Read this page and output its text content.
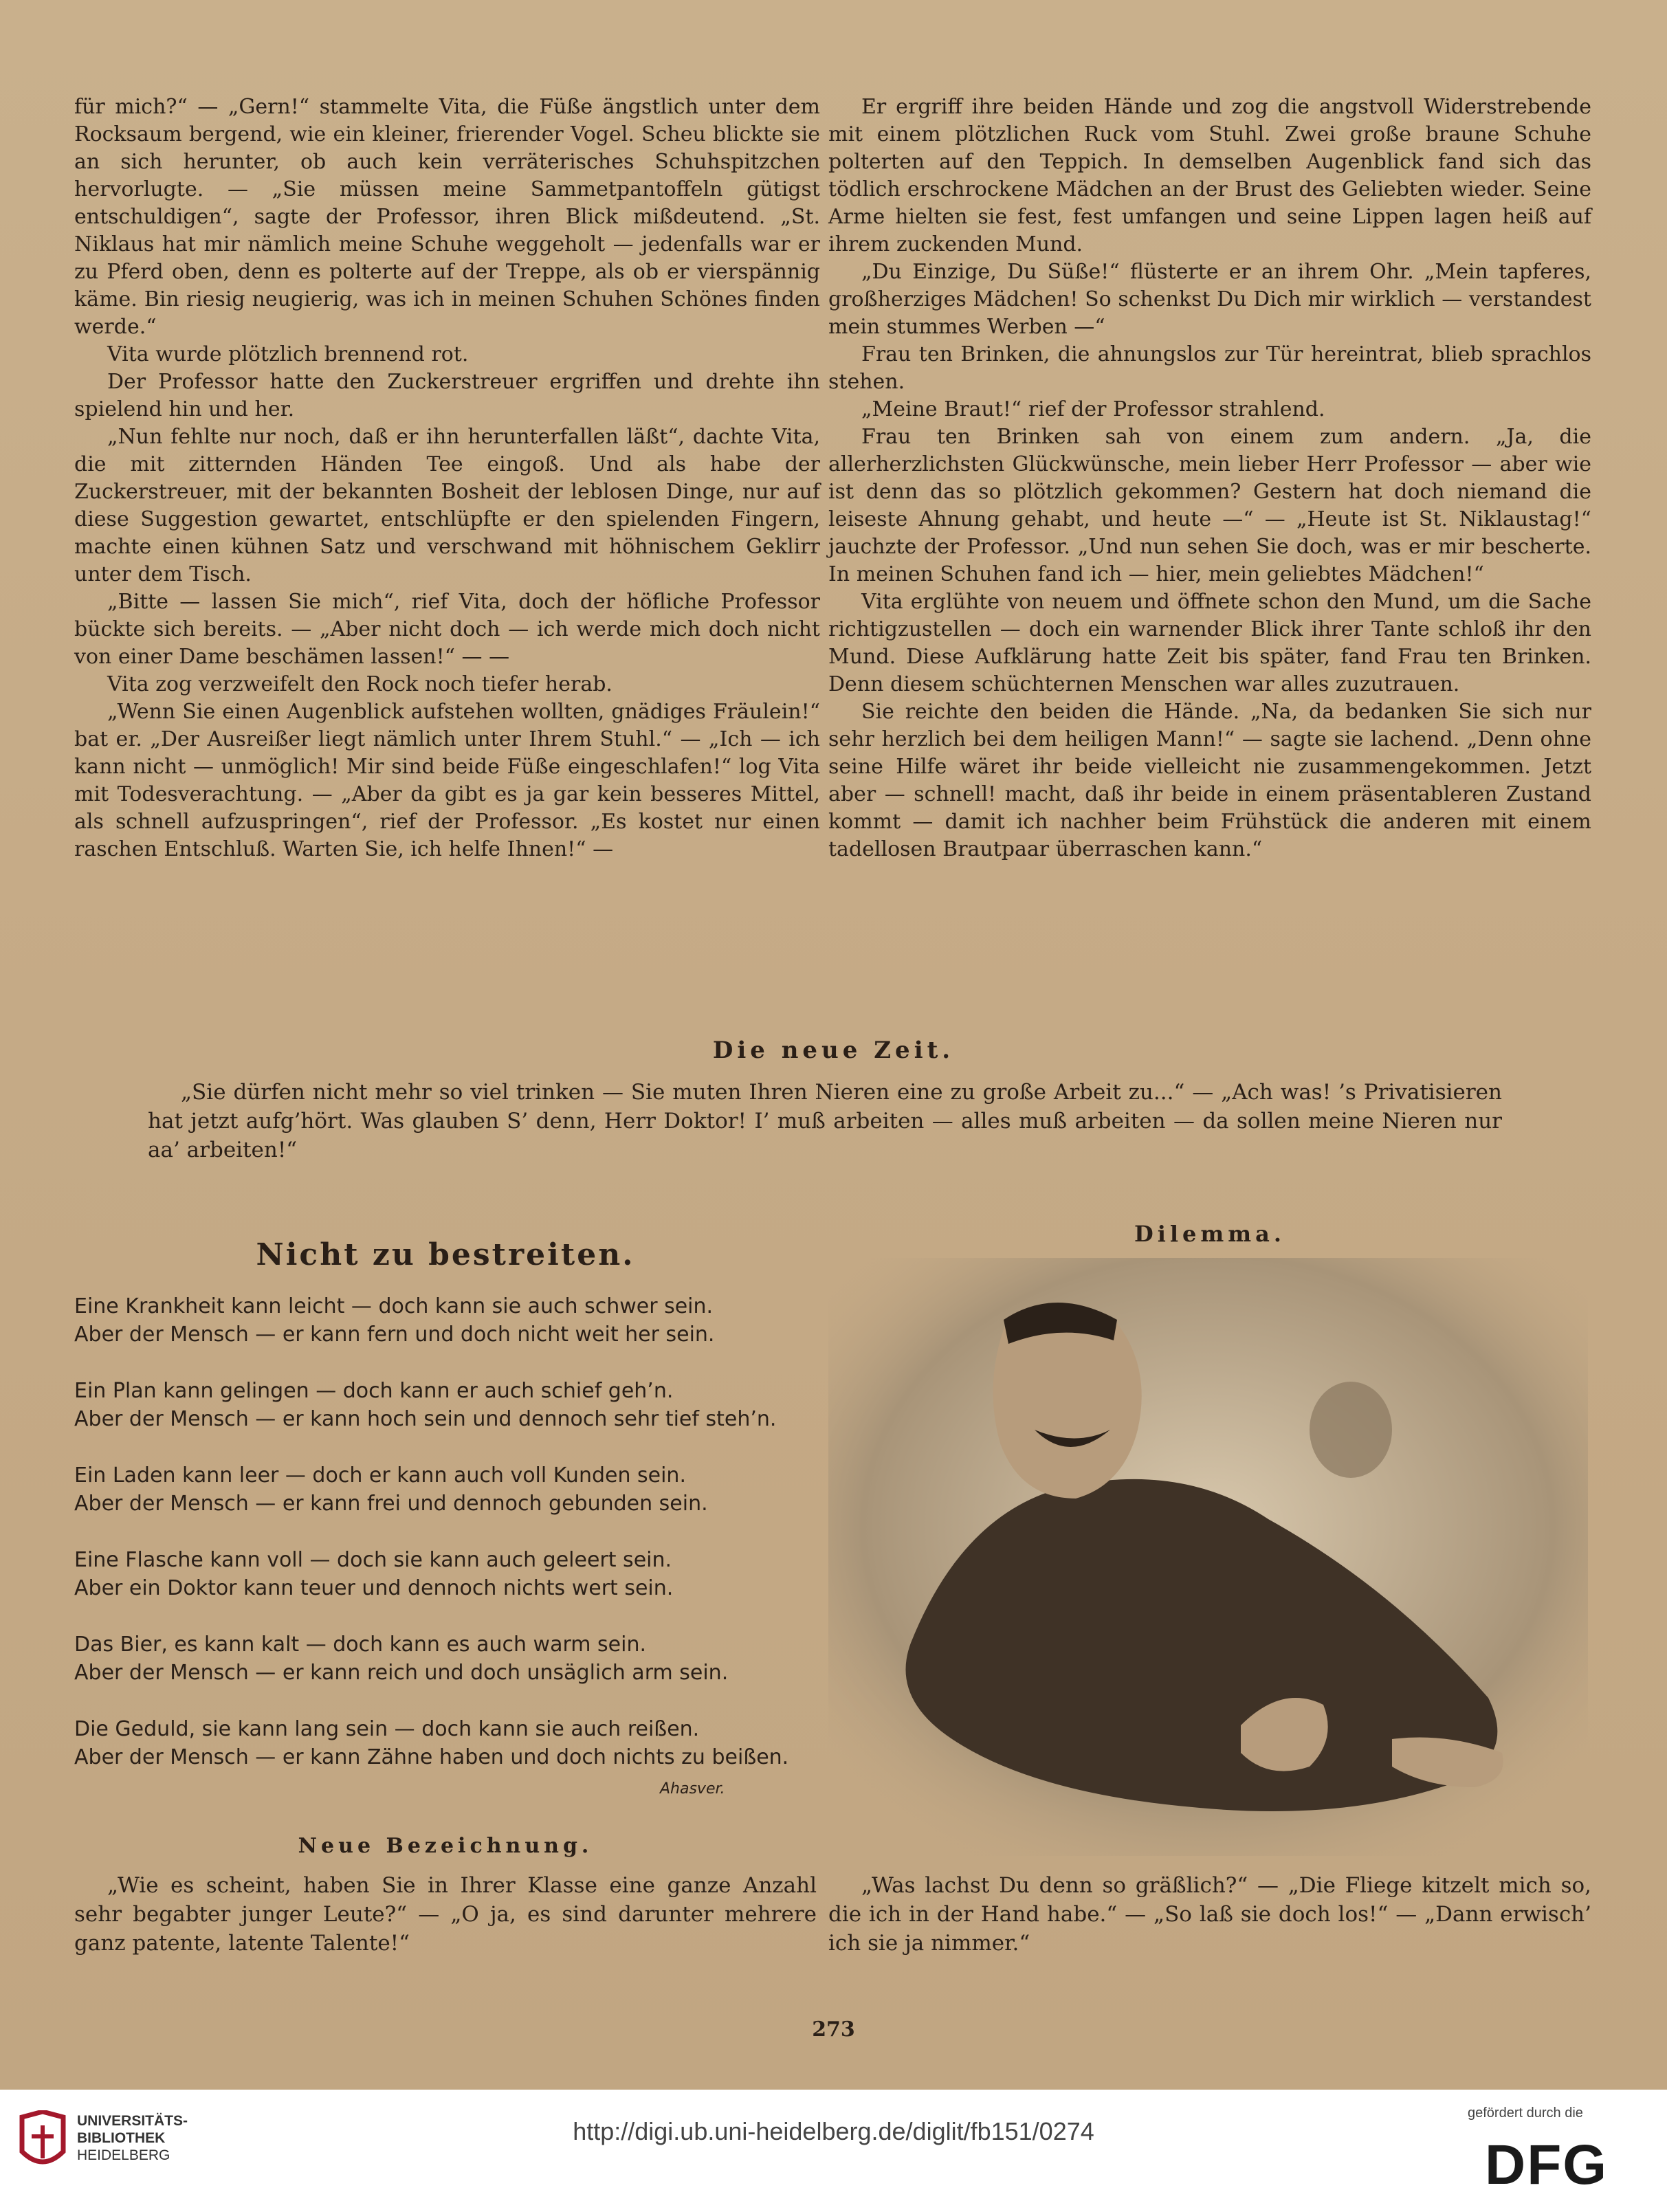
für mich?“ — „Gern!“ stammelte Vita, die Füße ängstlich unter dem Rocksaum bergend, wie ein kleiner, frierender Vogel. Scheu blickte sie an sich herunter, ob auch kein verräterisches Schuhspitzchen hervorlugte. — „Sie müssen meine Sammetpantoffeln gütigst entschuldigen“, sagte der Professor, ihren Blick mißdeutend. „St. Niklaus hat mir nämlich meine Schuhe weggeholt — jedenfalls war er zu Pferd oben, denn es polterte auf der Treppe, als ob er vierspännig käme. Bin riesig neugierig, was ich in meinen Schuhen Schönes finden werde.“

Vita wurde plötzlich brennend rot.

Der Professor hatte den Zuckerstreuer ergriffen und drehte ihn spielend hin und her.

„Nun fehlte nur noch, daß er ihn herunterfallen läßt“, dachte Vita, die mit zitternden Händen Tee eingoß. Und als habe der Zuckerstreuer, mit der bekannten Bosheit der leblosen Dinge, nur auf diese Suggestion gewartet, entschlüpfte er den spielenden Fingern, machte einen kühnen Satz und verschwand mit höhnischem Geklirr unter dem Tisch.

„Bitte — lassen Sie mich“, rief Vita, doch der höfliche Professor bückte sich bereits. — „Aber nicht doch — ich werde mich doch nicht von einer Dame beschämen lassen!“ — —

Vita zog verzweifelt den Rock noch tiefer herab.

„Wenn Sie einen Augenblick aufstehen wollten, gnädiges Fräulein!“ bat er. „Der Ausreißer liegt nämlich unter Ihrem Stuhl.“ — „Ich — ich kann nicht — unmöglich! Mir sind beide Füße eingeschlafen!“ log Vita mit Todesverachtung. — „Aber da gibt es ja gar kein besseres Mittel, als schnell aufzuspringen“, rief der Professor. „Es kostet nur einen raschen Entschluß. Warten Sie, ich helfe Ihnen!“ —

Er ergriff ihre beiden Hände und zog die angstvoll Widerstrebende mit einem plötzlichen Ruck vom Stuhl. Zwei große braune Schuhe polterten auf den Teppich. In demselben Augenblick fand sich das tödlich erschrockene Mädchen an der Brust des Geliebten wieder. Seine Arme hielten sie fest, fest umfangen und seine Lippen lagen heiß auf ihrem zuckenden Mund.

„Du Einzige, Du Süße!“ flüsterte er an ihrem Ohr. „Mein tapferes, großherziges Mädchen! So schenkst Du Dich mir wirklich — verstandest mein stummes Werben —“

Frau ten Brinken, die ahnungslos zur Tür hereintrat, blieb sprachlos stehen.

„Meine Braut!“ rief der Professor strahlend.

Frau ten Brinken sah von einem zum andern. „Ja, die allerherzlichsten Glückwünsche, mein lieber Herr Professor — aber wie ist denn das so plötzlich gekommen? Gestern hat doch niemand die leiseste Ahnung gehabt, und heute —“ — „Heute ist St. Niklaustag!“ jauchzte der Professor. „Und nun sehen Sie doch, was er mir bescherte. In meinen Schuhen fand ich — hier, mein geliebtes Mädchen!“

Vita erglühte von neuem und öffnete schon den Mund, um die Sache richtigzustellen — doch ein warnender Blick ihrer Tante schloß ihr den Mund. Diese Aufklärung hatte Zeit bis später, fand Frau ten Brinken. Denn diesem schüchternen Menschen war alles zuzutrauen.

Sie reichte den beiden die Hände. „Na, da bedanken Sie sich nur sehr herzlich bei dem heiligen Mann!“ — sagte sie lachend. „Denn ohne seine Hilfe wäret ihr beide vielleicht nie zusammengekommen. Jetzt aber — schnell! macht, daß ihr beide in einem präsentableren Zustand kommt — damit ich nachher beim Frühstück die anderen mit einem tadellosen Brautpaar überraschen kann.“

Die neue Zeit.

„Sie dürfen nicht mehr so viel trinken — Sie muten Ihren Nieren eine zu große Arbeit zu...“ — „Ach was! ’s Privatisieren hat jetzt aufg’hört. Was glauben S’ denn, Herr Doktor! I’ muß arbeiten — alles muß arbeiten — da sollen meine Nieren nur aa’ arbeiten!“

Nicht zu bestreiten.
Eine Krankheit kann leicht — doch kann sie auch schwer sein.
Aber der Mensch — er kann fern und doch nicht weit her sein.
Ein Plan kann gelingen — doch kann er auch schief geh’n.
Aber der Mensch — er kann hoch sein und dennoch sehr tief steh’n.
Ein Laden kann leer — doch er kann auch voll Kunden sein.
Aber der Mensch — er kann frei und dennoch gebunden sein.
Eine Flasche kann voll — doch sie kann auch geleert sein.
Aber ein Doktor kann teuer und dennoch nichts wert sein.
Das Bier, es kann kalt — doch kann es auch warm sein.
Aber der Mensch — er kann reich und doch unsäglich arm sein.
Die Geduld, sie kann lang sein — doch kann sie auch reißen.
Aber der Mensch — er kann Zähne haben und doch nichts zu beißen.
Ahasver.
Neue Bezeichnung.

„Wie es scheint, haben Sie in Ihrer Klasse eine ganze Anzahl sehr begabter junger Leute?“ — „O ja, es sind darunter mehrere ganz patente, latente Talente!“

Dilemma.

„Was lachst Du denn so gräßlich?“ — „Die Fliege kitzelt mich so, die ich in der Hand habe.“ — „So laß sie doch los!“ — „Dann erwisch’ ich sie ja nimmer.“

273
UNIVERSITÄTS-
BIBLIOTHEK
HEIDELBERG
http://digi.ub.uni-heidelberg.de/diglit/fb151/0274
gefördert durch die
DFG
